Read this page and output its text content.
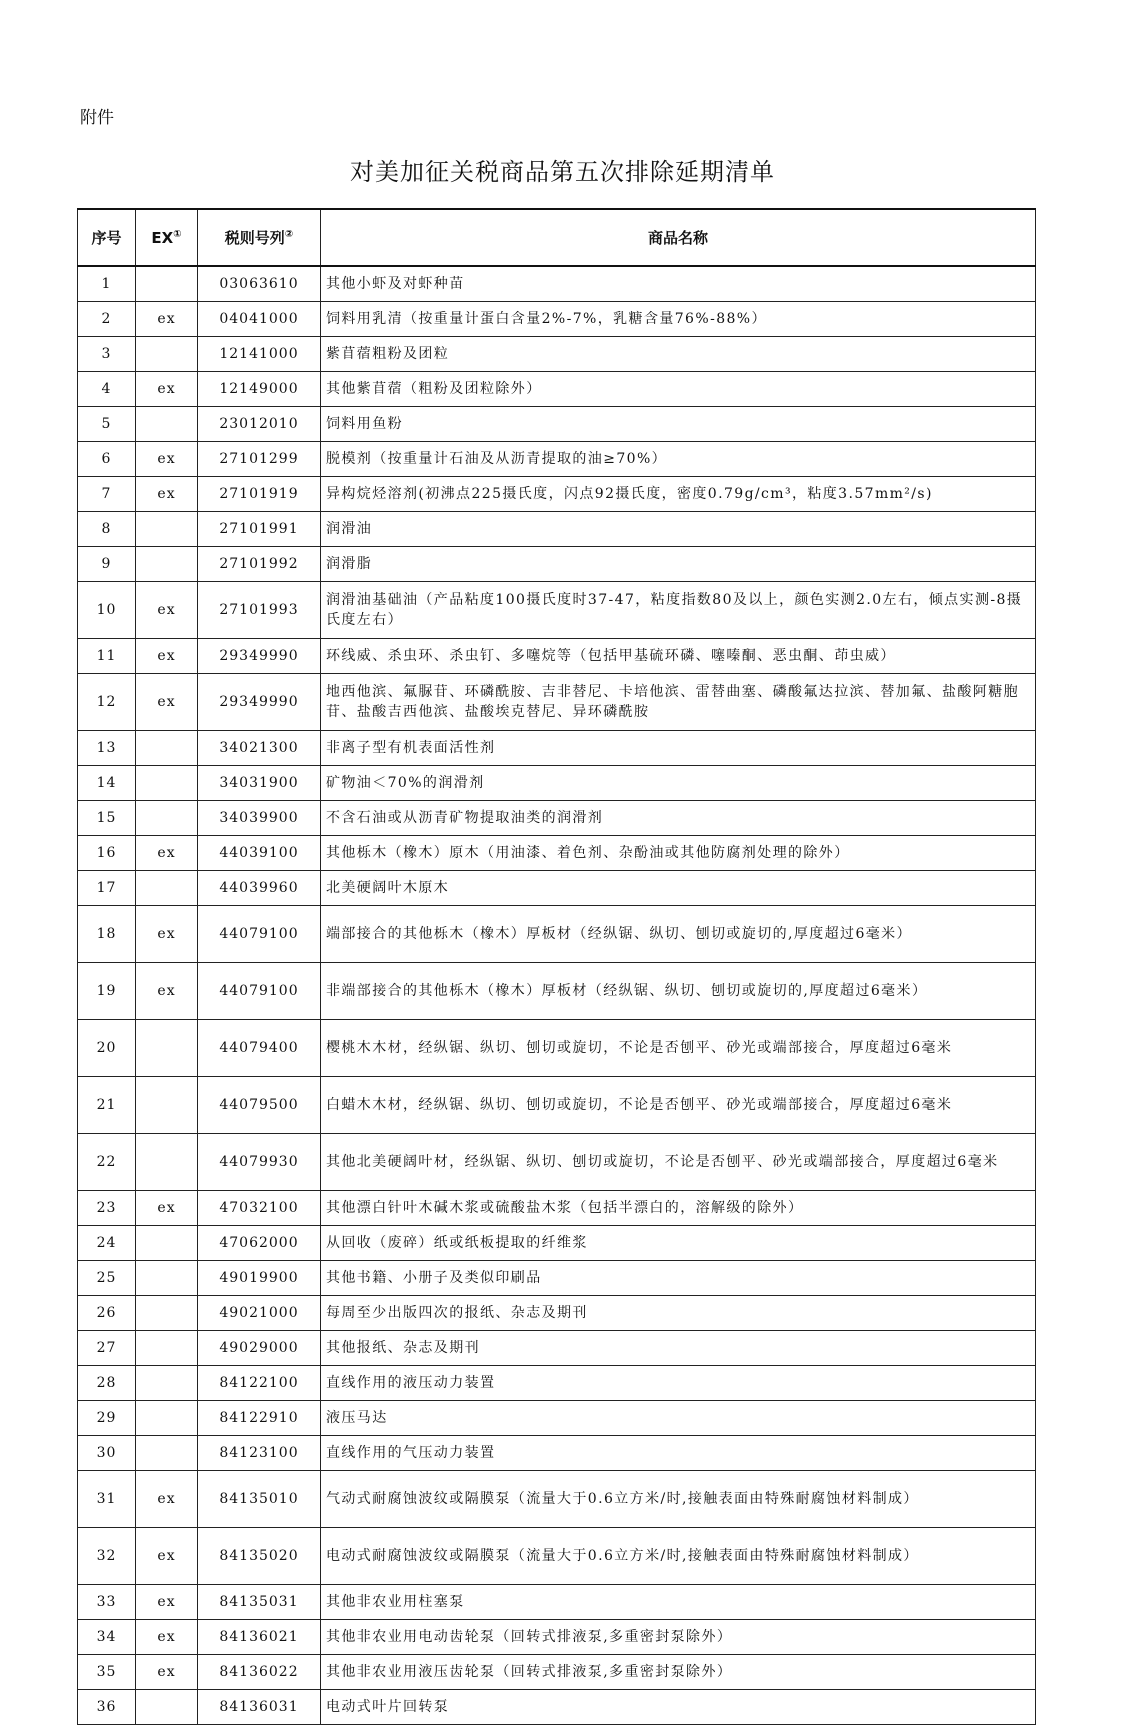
附件
对美加征关税商品第五次排除延期清单
序号	EX①	税则号列②	商品名称
1		03063610	其他小虾及对虾种苗
2	ex	04041000	饲料用乳清（按重量计蛋白含量2%-7%，乳糖含量76%-88%）
3		12141000	紫苜蓿粗粉及团粒
4	ex	12149000	其他紫苜蓿（粗粉及团粒除外）
5		23012010	饲料用鱼粉
6	ex	27101299	脱模剂（按重量计石油及从沥青提取的油≥70%）
7	ex	27101919	异构烷烃溶剂(初沸点225摄氏度，闪点92摄氏度，密度0.79g/cm³，粘度3.57mm²/s)
8		27101991	润滑油
9		27101992	润滑脂
10	ex	27101993	润滑油基础油（产品粘度100摄氏度时37-47，粘度指数80及以上，颜色实测2.0左右，倾点实测-8摄氏度左右）
11	ex	29349990	环线威、杀虫环、杀虫钉、多噻烷等（包括甲基硫环磷、噻嗪酮、恶虫酮、茚虫威）
12	ex	29349990	地西他滨、氟脲苷、环磷酰胺、吉非替尼、卡培他滨、雷替曲塞、磷酸氟达拉滨、替加氟、盐酸阿糖胞苷、盐酸吉西他滨、盐酸埃克替尼、异环磷酰胺
13		34021300	非离子型有机表面活性剂
14		34031900	矿物油＜70%的润滑剂
15		34039900	不含石油或从沥青矿物提取油类的润滑剂
16	ex	44039100	其他栎木（橡木）原木（用油漆、着色剂、杂酚油或其他防腐剂处理的除外）
17		44039960	北美硬阔叶木原木
18	ex	44079100	端部接合的其他栎木（橡木）厚板材（经纵锯、纵切、刨切或旋切的,厚度超过6毫米）
19	ex	44079100	非端部接合的其他栎木（橡木）厚板材（经纵锯、纵切、刨切或旋切的,厚度超过6毫米）
20		44079400	樱桃木木材，经纵锯、纵切、刨切或旋切，不论是否刨平、砂光或端部接合，厚度超过6毫米
21		44079500	白蜡木木材，经纵锯、纵切、刨切或旋切，不论是否刨平、砂光或端部接合，厚度超过6毫米
22		44079930	其他北美硬阔叶材，经纵锯、纵切、刨切或旋切，不论是否刨平、砂光或端部接合，厚度超过6毫米
23	ex	47032100	其他漂白针叶木碱木浆或硫酸盐木浆（包括半漂白的，溶解级的除外）
24		47062000	从回收（废碎）纸或纸板提取的纤维浆
25		49019900	其他书籍、小册子及类似印刷品
26		49021000	每周至少出版四次的报纸、杂志及期刊
27		49029000	其他报纸、杂志及期刊
28		84122100	直线作用的液压动力装置
29		84122910	液压马达
30		84123100	直线作用的气压动力装置
31	ex	84135010	气动式耐腐蚀波纹或隔膜泵（流量大于0.6立方米/时,接触表面由特殊耐腐蚀材料制成）
32	ex	84135020	电动式耐腐蚀波纹或隔膜泵（流量大于0.6立方米/时,接触表面由特殊耐腐蚀材料制成）
33	ex	84135031	其他非农业用柱塞泵
34	ex	84136021	其他非农业用电动齿轮泵（回转式排液泵,多重密封泵除外）
35	ex	84136022	其他非农业用液压齿轮泵（回转式排液泵,多重密封泵除外）
36		84136031	电动式叶片回转泵
